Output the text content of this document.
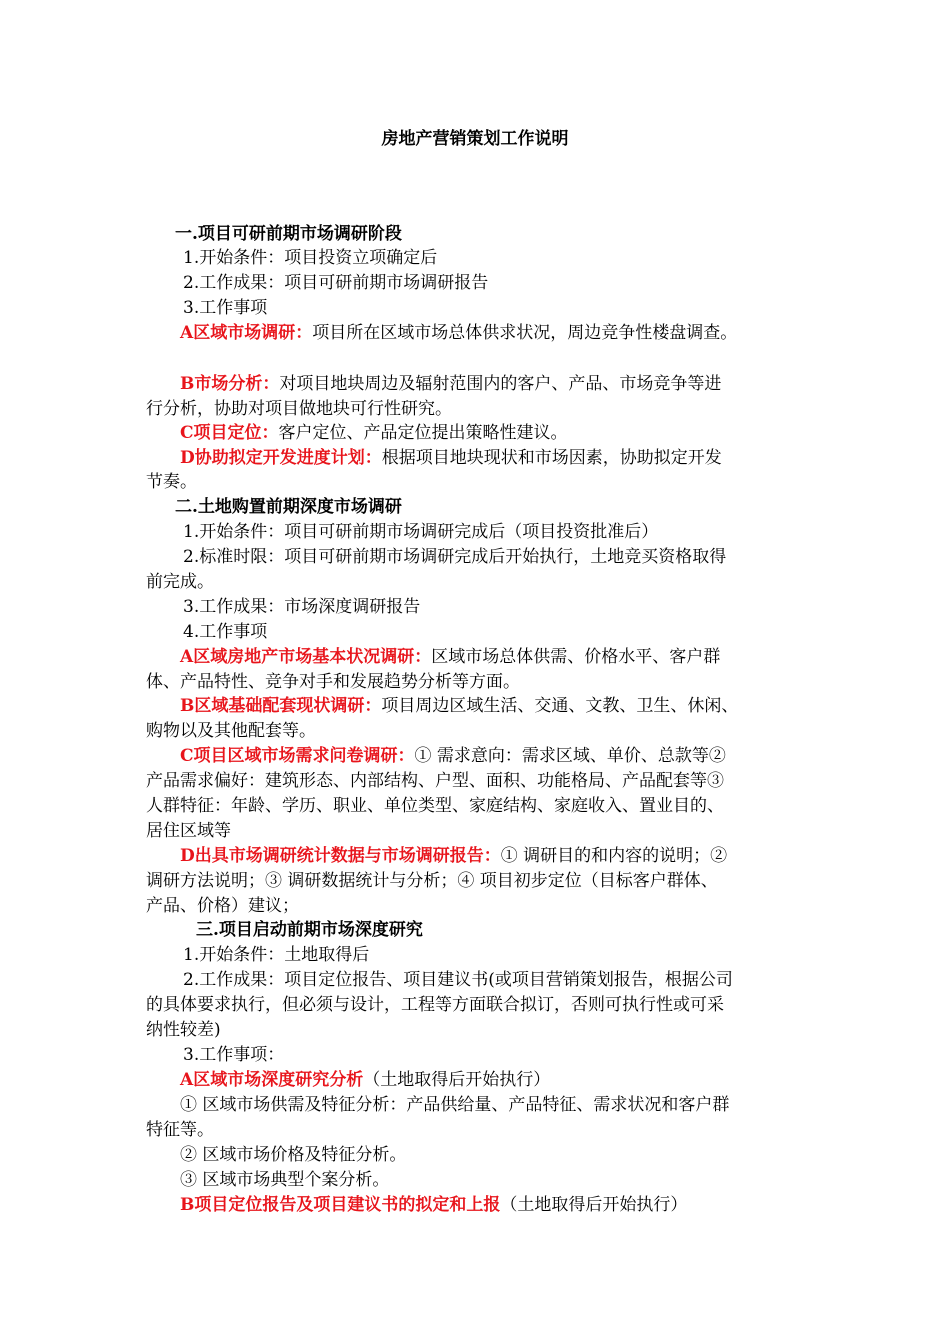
房地产营销策划工作说明
一.项目可研前期市场调研阶段
1.开始条件：项目投资立项确定后
2.工作成果：项目可研前期市场调研报告
3.工作事项
A区域市场调研：项目所在区域市场总体供求状况，周边竞争性楼盘调查。
B市场分析：对项目地块周边及辐射范围内的客户、产品、市场竞争等进
行分析，协助对项目做地块可行性研究。
C项目定位：客户定位、产品定位提出策略性建议。
D协助拟定开发进度计划：根据项目地块现状和市场因素，协助拟定开发
节奏。
二.土地购置前期深度市场调研
1.开始条件：项目可研前期市场调研完成后（项目投资批准后）
2.标准时限：项目可研前期市场调研完成后开始执行，土地竞买资格取得
前完成。
3.工作成果：市场深度调研报告
4.工作事项
A区域房地产市场基本状况调研：区域市场总体供需、价格水平、客户群
体、产品特性、竞争对手和发展趋势分析等方面。
B区域基础配套现状调研：项目周边区域生活、交通、文教、卫生、休闲、
购物以及其他配套等。
C项目区域市场需求问卷调研：① 需求意向：需求区域、单价、总款等②
产品需求偏好：建筑形态、内部结构、户型、面积、功能格局、产品配套等③
人群特征：年龄、学历、职业、单位类型、家庭结构、家庭收入、置业目的、
居住区域等
D出具市场调研统计数据与市场调研报告：① 调研目的和内容的说明；②
调研方法说明；③ 调研数据统计与分析；④ 项目初步定位（目标客户群体、
产品、价格）建议；
三.项目启动前期市场深度研究
1.开始条件：土地取得后
2.工作成果：项目定位报告、项目建议书(或项目营销策划报告，根据公司
的具体要求执行，但必须与设计，工程等方面联合拟订，否则可执行性或可采
纳性较差)
3.工作事项：
A区域市场深度研究分析（土地取得后开始执行）
① 区域市场供需及特征分析：产品供给量、产品特征、需求状况和客户群
特征等。
② 区域市场价格及特征分析。
③ 区域市场典型个案分析。
B项目定位报告及项目建议书的拟定和上报（土地取得后开始执行）
